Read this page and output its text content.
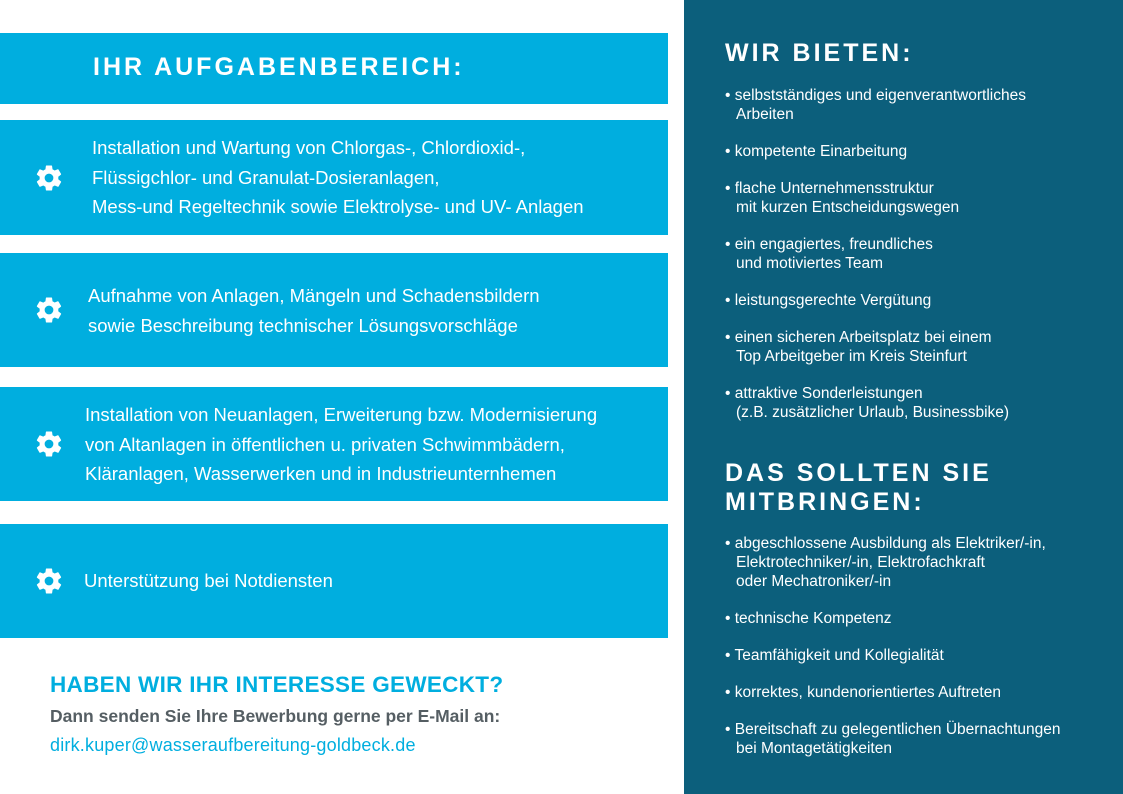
IHR AUFGABENBEREICH:
Installation und Wartung von Chlorgas-, Chlordioxid-,
Flüssigchlor- und Granulat-Dosieranlagen,
Mess-und Regeltechnik sowie Elektrolyse- und UV- Anlagen
Aufnahme von Anlagen, Mängeln und Schadensbildern
sowie Beschreibung technischer Lösungsvorschläge
Installation von Neuanlagen, Erweiterung bzw. Modernisierung
von Altanlagen in öffentlichen u. privaten Schwimmbädern,
Kläranlagen, Wasserwerken und in Industrieunternhemen
Unterstützung bei Notdiensten
HABEN WIR IHR INTERESSE GEWECKT?
Dann senden Sie Ihre Bewerbung gerne per E-Mail an:
dirk.kuper@wasseraufbereitung-goldbeck.de
WIR BIETEN:
• selbstständiges und eigenverantwortliches
Arbeiten
• kompetente Einarbeitung
• flache Unternehmensstruktur
mit kurzen Entscheidungswegen
• ein engagiertes, freundliches
und motiviertes Team
• leistungsgerechte Vergütung
• einen sicheren Arbeitsplatz bei einem
Top Arbeitgeber im Kreis Steinfurt
• attraktive Sonderleistungen
(z.B. zusätzlicher Urlaub, Businessbike)
DAS SOLLTEN SIE
MITBRINGEN:
• abgeschlossene Ausbildung als Elektriker/-in,
Elektrotechniker/-in, Elektrofachkraft
oder Mechatroniker/-in
• technische Kompetenz
• Teamfähigkeit und Kollegialität
• korrektes, kundenorientiertes Auftreten
• Bereitschaft zu gelegentlichen Übernachtungen
bei Montagetätigkeiten
